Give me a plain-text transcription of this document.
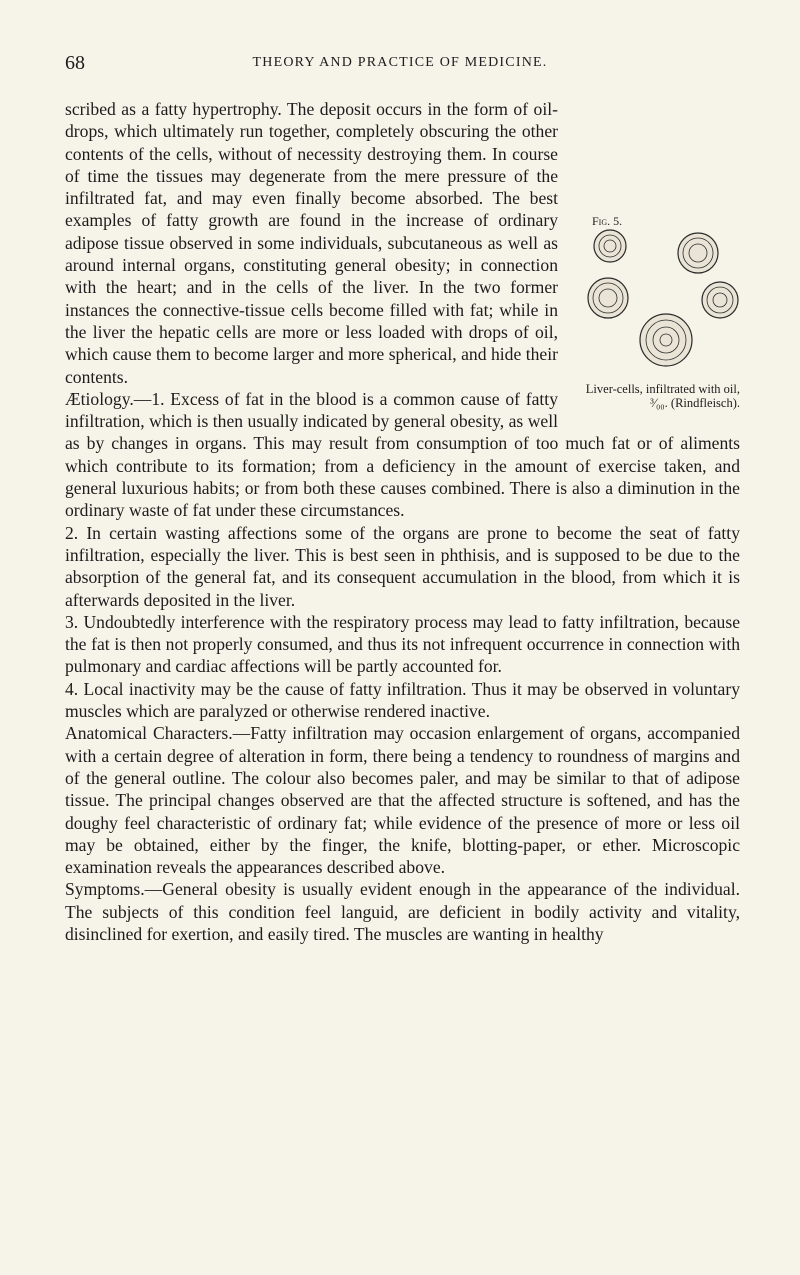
68	THEORY AND PRACTICE OF MEDICINE.
Fig. 5.
Liver-cells, infiltrated with oil, ³⁄₀₀. (Rindfleisch).

scribed as a fatty hypertrophy. The deposit occurs in the form of oil-drops, which ultimately run together, completely obscuring the other contents of the cells, without of necessity destroying them. In course of time the tissues may degenerate from the mere pressure of the infiltrated fat, and may even finally become absorbed. The best examples of fatty growth are found in the increase of ordinary adipose tissue observed in some individuals, subcutaneous as well as around internal organs, constituting general obesity; in connection with the heart; and in the cells of the liver. In the two former instances the connective-tissue cells become filled with fat; while in the liver the hepatic cells are more or less loaded with drops of oil, which cause them to become larger and more spherical, and hide their contents.

Ætiology.—1. Excess of fat in the blood is a common cause of fatty infiltration, which is then usually indicated by general obesity, as well as by changes in organs. This may result from consumption of too much fat or of aliments which contribute to its formation; from a deficiency in the amount of exercise taken, and general luxurious habits; or from both these causes combined. There is also a diminution in the ordinary waste of fat under these circumstances.

2. In certain wasting affections some of the organs are prone to become the seat of fatty infiltration, especially the liver. This is best seen in phthisis, and is supposed to be due to the absorption of the general fat, and its consequent accumulation in the blood, from which it is afterwards deposited in the liver.

3. Undoubtedly interference with the respiratory process may lead to fatty infiltration, because the fat is then not properly consumed, and thus its not infrequent occurrence in connection with pulmonary and cardiac affections will be partly accounted for.

4. Local inactivity may be the cause of fatty infiltration. Thus it may be observed in voluntary muscles which are paralyzed or otherwise rendered inactive.

Anatomical Characters.—Fatty infiltration may occasion enlargement of organs, accompanied with a certain degree of alteration in form, there being a tendency to roundness of margins and of the general outline. The colour also becomes paler, and may be similar to that of adipose tissue. The principal changes observed are that the affected structure is softened, and has the doughy feel characteristic of ordinary fat; while evidence of the presence of more or less oil may be obtained, either by the finger, the knife, blotting-paper, or ether. Microscopic examination reveals the appearances described above.

Symptoms.—General obesity is usually evident enough in the appearance of the individual. The subjects of this condition feel languid, are deficient in bodily activity and vitality, disinclined for exertion, and easily tired. The muscles are wanting in healthy
